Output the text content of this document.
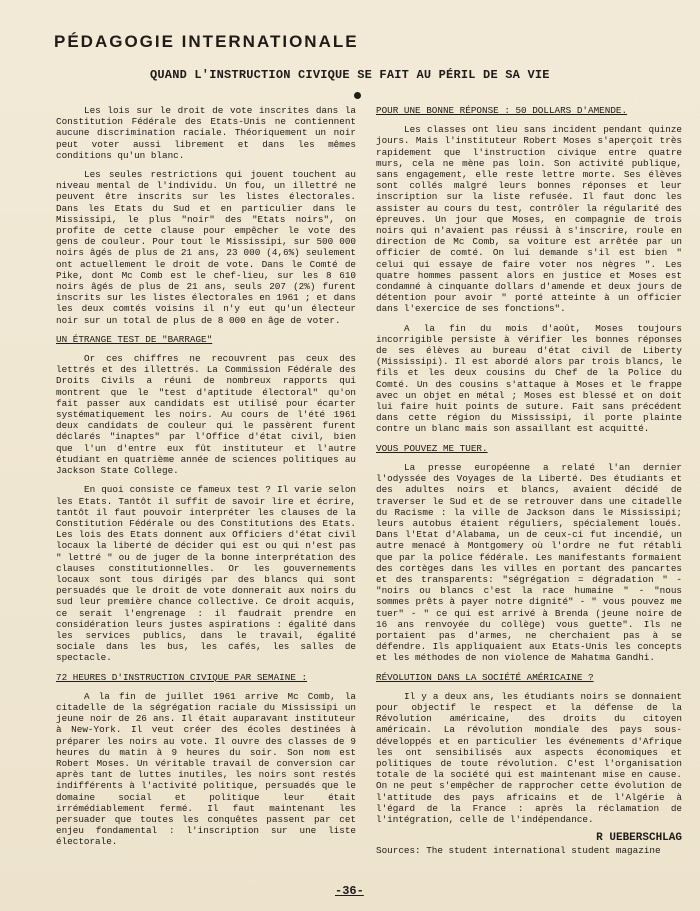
PÉDAGOGIE INTERNATIONALE
QUAND L'INSTRUCTION CIVIQUE SE FAIT AU PÉRIL DE SA VIE

Les lois sur le droit de vote inscrites dans la Constitution Fédérale des Etats-Unis ne contiennent aucune discrimination raciale. Théoriquement un noir peut voter aussi librement et dans les mêmes conditions qu'un blanc.

Les seules restrictions qui jouent touchent au niveau mental de l'individu. Un fou, un illettré ne peuvent être inscrits sur les listes électorales. Dans les Etats du Sud et en particulier dans le Mississipi, le plus "noir" des "Etats noirs", on profite de cette clause pour empêcher le vote des gens de couleur. Pour tout le Mississipi, sur 500 000 noirs âgés de plus de 21 ans, 23 000 (4,6%) seulement ont actuellement le droit de vote. Dans le Comté de Pike, dont Mc Comb est le chef-lieu, sur les 8 610 noirs âgés de plus de 21 ans, seuls 207 (2%) furent inscrits sur les listes électorales en 1961 ; et dans les deux comtés voisins il n'y eut qu'un électeur noir sur un total de plus de 8 000 en âge de voter.

UN ÉTRANGE TEST DE "BARRAGE"

Or ces chiffres ne recouvrent pas ceux des lettrés et des illettrés. La Commission Fédérale des Droits Civils a réuni de nombreux rapports qui montrent que le "test d'aptitude électoral" qu'on fait passer aux candidats est utilisé pour écarter systématiquement les noirs. Au cours de l'été 1961 deux candidats de couleur qui le passèrent furent déclarés "inaptes" par l'Office d'état civil, bien que l'un d'entre eux fût instituteur et l'autre étudiant en quatrième année de sciences politiques au Jackson State College.

En quoi consiste ce fameux test ? Il varie selon les Etats. Tantôt il suffit de savoir lire et écrire, tantôt il faut pouvoir interpréter les clauses de la Constitution Fédérale ou des Constitutions des Etats. Les lois des Etats donnent aux Officiers d'état civil locaux la liberté de décider qui est ou qui n'est pas " lettré " ou de juger de la bonne interprétation des clauses constitutionnelles. Or les gouvernements locaux sont tous dirigés par des blancs qui sont persuadés que le droit de vote donnerait aux noirs du sud leur première chance collective. Ce droit acquis, ce serait l'engrenage : il faudrait prendre en considération leurs justes aspirations : égalité dans les services publics, dans le travail, égalité sociale dans les bus, les cafés, les salles de spectacle.

72 HEURES D'INSTRUCTION CIVIQUE PAR SEMAINE :

A la fin de juillet 1961 arrive Mc Comb, la citadelle de la ségrégation raciale du Mississipi un jeune noir de 26 ans. Il était auparavant instituteur à New-York. Il veut créer des écoles destinées à préparer les noirs au vote. Il ouvre des classes de 9 heures du matin à 9 heures du soir. Son nom est Robert Moses. Un véritable travail de conversion car après tant de luttes inutiles, les noirs sont restés indifférents à l'activité politique, persuadés que le domaine social et politique leur était irrémédiablement fermé. Il faut maintenant les persuader que toutes les conquêtes passent par cet enjeu fondamental : l'inscription sur une liste électorale.

POUR UNE BONNE RÉPONSE : 50 DOLLARS D'AMENDE.

Les classes ont lieu sans incident pendant quinze jours. Mais l'instituteur Robert Moses s'aperçoit très rapidement que l'instruction civique entre quatre murs, cela ne mène pas loin. Son activité publique, sans engagement, elle reste lettre morte. Ses élèves sont collés malgré leurs bonnes réponses et leur inscription sur la liste refusée. Il faut donc les assister au cours du test, contrôler la régularité des épreuves. Un jour que Moses, en compagnie de trois noirs qui n'avaient pas réussi à s'inscrire, roule en direction de Mc Comb, sa voiture est arrêtée par un officier de comté. On lui demande s'il est bien " celui qui essaye de faire voter nos nègres ". Les quatre hommes passent alors en justice et Moses est condamné à cinquante dollars d'amende et deux jours de détention pour avoir " porté atteinte à un officier dans l'exercice de ses fonctions".

A la fin du mois d'août, Moses toujours incorrigible persiste à vérifier les bonnes réponses de ses élèves au bureau d'état civil de Liberty (Mississipi). Il est abordé alors par trois blancs, le fils et les deux cousins du Chef de la Police du Comté. Un des cousins s'attaque à Moses et le frappe avec un objet en métal ; Moses est blessé et on doit lui faire huit points de suture. Fait sans précédent dans cette région du Mississipi, il porte plainte contre un blanc mais son assaillant est acquitté.

VOUS POUVEZ ME TUER.

La presse européenne a relaté l'an dernier l'odyssée des Voyages de la Liberté. Des étudiants et des adultes noirs et blancs, avaient décidé de traverser le Sud et de se retrouver dans une citadelle du Racisme : la ville de Jackson dans le Mississipi; leurs autobus étaient réguliers, spécialement loués. Dans l'Etat d'Alabama, un de ceux-ci fut incendié, un autre menacé à Montgomery où l'ordre ne fut rétabli que par la police fédérale. Les manifestants formaient des cortèges dans les villes en portant des pancartes et des transparents: "ségrégation = dégradation " - "noirs ou blancs c'est la race humaine " - "nous sommes prêts à payer notre dignité" - " vous pouvez me tuer" - " ce qui est arrivé à Brenda (jeune noire de 16 ans renvoyée du collège) vous guette". Ils ne portaient pas d'armes, ne cherchaient pas à se défendre. Ils appliquaient aux Etats-Unis les concepts et les méthodes de non violence de Mahatma Gandhi.

RÉVOLUTION DANS LA SOCIÉTÉ AMÉRICAINE ?

Il y a deux ans, les étudiants noirs se donnaient pour objectif le respect et la défense de la Révolution américaine, des droits du citoyen américain. La révolution mondiale des pays sous-développés et en particulier les événements d'Afrique les ont sensibilisés aux aspects économiques et politiques de toute révolution. C'est l'organisation totale de la société qui est maintenant mise en cause. On ne peut s'empêcher de rapprocher cette évolution de l'attitude des pays africains et de l'Algérie à l'égard de la France : après la réclamation de l'intégration, celle de l'indépendance.

R UEBERSCHLAG
Sources: The student international student magazine
-36-
